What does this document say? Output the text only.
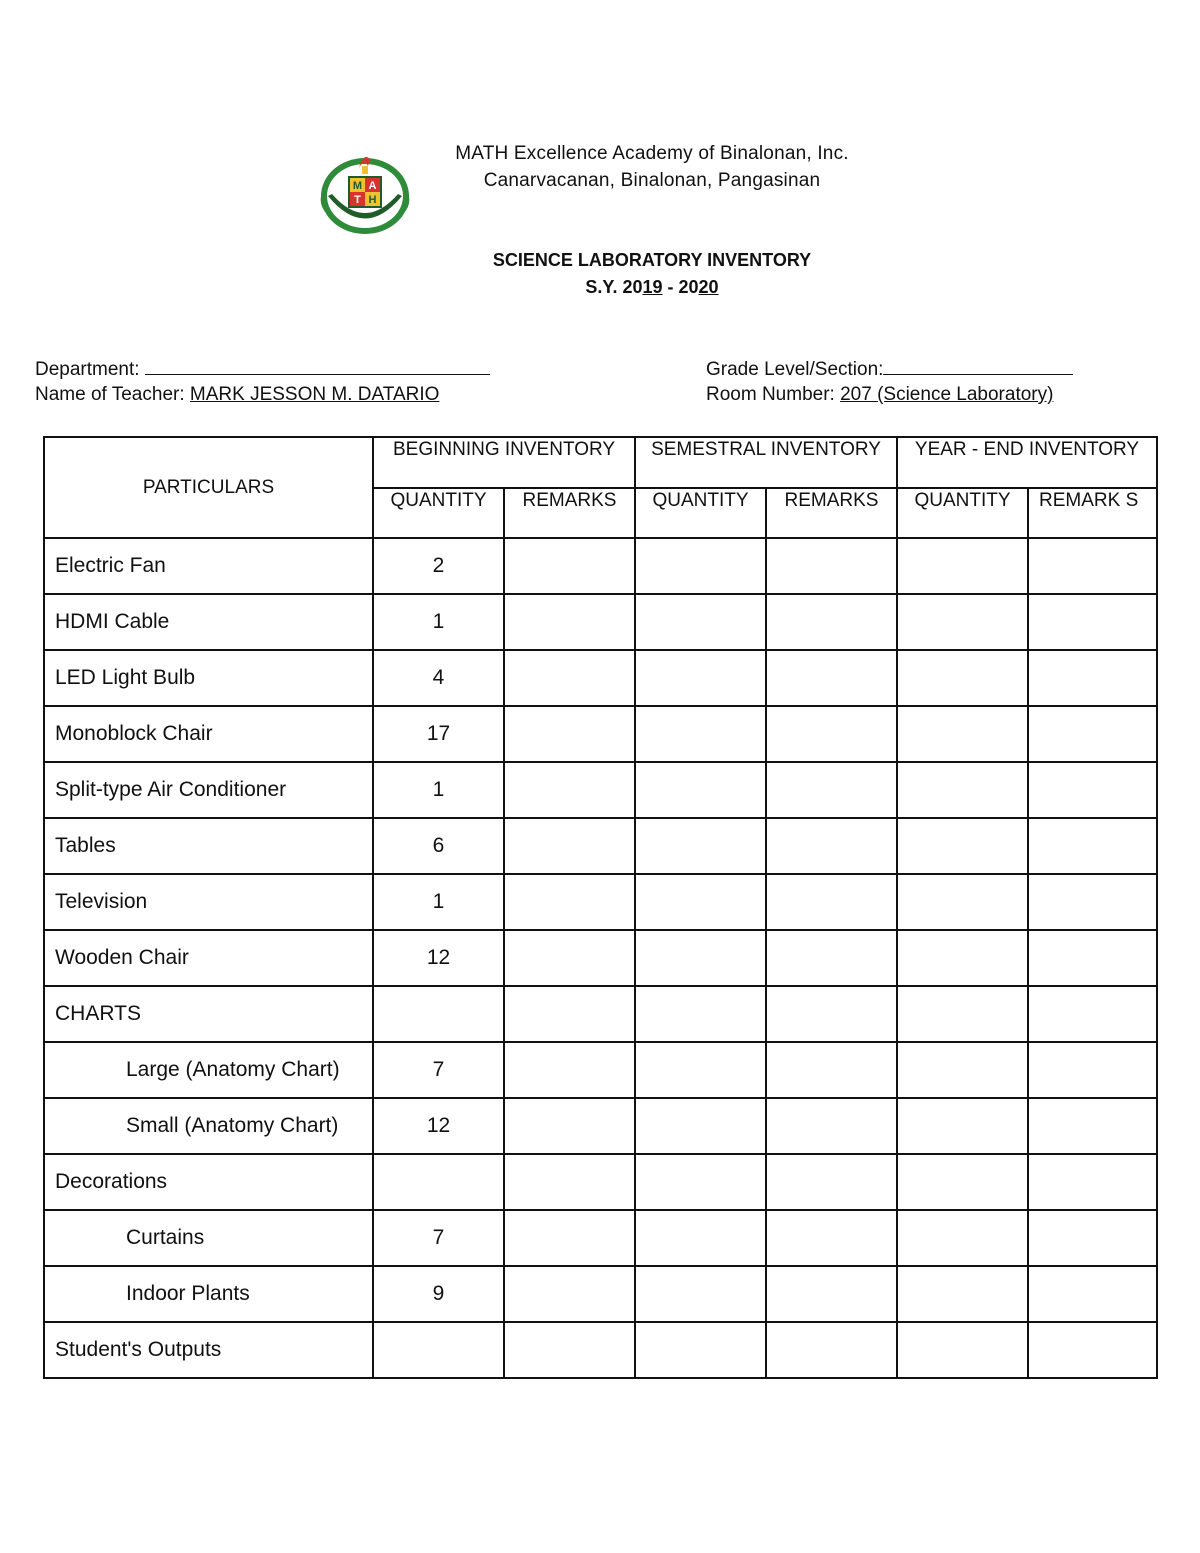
M A
T H
MATH Excellence Academy of Binalonan, Inc.
Canarvacanan, Binalonan, Pangasinan
SCIENCE LABORATORY INVENTORY
S.Y. 2019 - 2020
Department:
Name of Teacher: MARK JESSON M. DATARIO
Grade Level/Section:
Room Number: 207 (Science Laboratory)
PARTICULARS	BEGINNING INVENTORY		SEMESTRAL INVENTORY		YEAR - END INVENTORY	
	QUANTITY	REMARKS	QUANTITY	REMARKS	QUANTITY	REMARK S
Electric Fan	2					
HDMI Cable	1					
LED Light Bulb	4					
Monoblock Chair	17					
Split-type Air Conditioner	1					
Tables	6					
Television	1					
Wooden Chair	12					
CHARTS						
Large (Anatomy Chart)	7					
Small (Anatomy Chart)	12					
Decorations						
Curtains	7					
Indoor Plants	9					
Student's Outputs						
